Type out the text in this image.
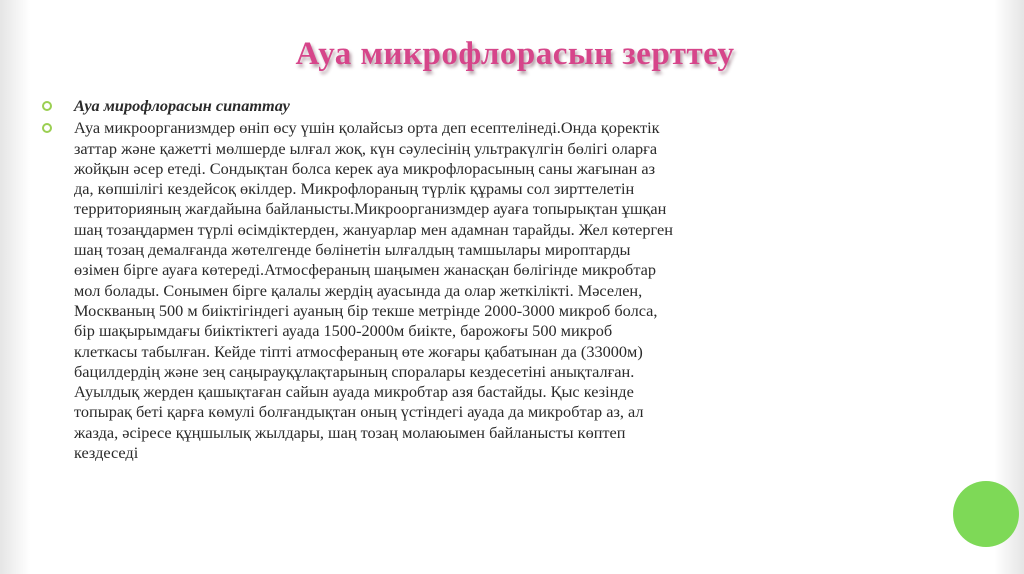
Ауа микрофлорасын зерттеу
Ауа мирофлорасын сипаттау
Ауа микроорганизмдер өніп өсу үшін қолайсыз орта деп есептелінеді.Онда қоректік
заттар және қажетті мөлшерде ылғал жоқ, күн сәулесінің ультракүлгін бөлігі оларға
жойқын әсер етеді. Сондықтан болса керек ауа микрофлорасының саны жағынан аз
да, көпшілігі кездейсоқ өкілдер. Микрофлораның түрлік құрамы сол зирттелетін
территорияның жағдайына байланысты.Микроорганизмдер ауаға топырықтан ұшқан
шаң тозаңдармен түрлі өсімдіктерден, жануарлар мен адамнан тарайды. Жел көтерген
шаң тозаң демалғанда жөтелгенде бөлінетін ылғалдың тамшылары мироптарды
өзімен бірге ауаға көтереді.Атмосфераның шаңымен жанасқан бөлігінде микробтар
мол болады. Сонымен бірге қалалы жердің ауасында да олар жеткілікті. Мәселен,
Москваның 500 м биіктігіндегі ауаның бір текше метрінде 2000-3000 микроб болса,
бір шақырымдағы биіктіктегі ауада 1500-2000м биікте, барожоғы 500 микроб
клеткасы табылған. Кейде тіпті атмосфераның өте жоғары қабатынан да (33000м)
бацилдердің және зең саңырауқұлақтарының споралары кездесетіні анықталған.
Ауылдық жерден қашықтаған сайын ауада микробтар азя бастайды. Қыс кезінде
топырақ беті қарға көмулі болғандықтан оның үстіндегі ауада да микробтар аз, ал
жазда, әсіресе құңшылық жылдары, шаң тозаң молаюымен байланысты көптеп
кездеседі
